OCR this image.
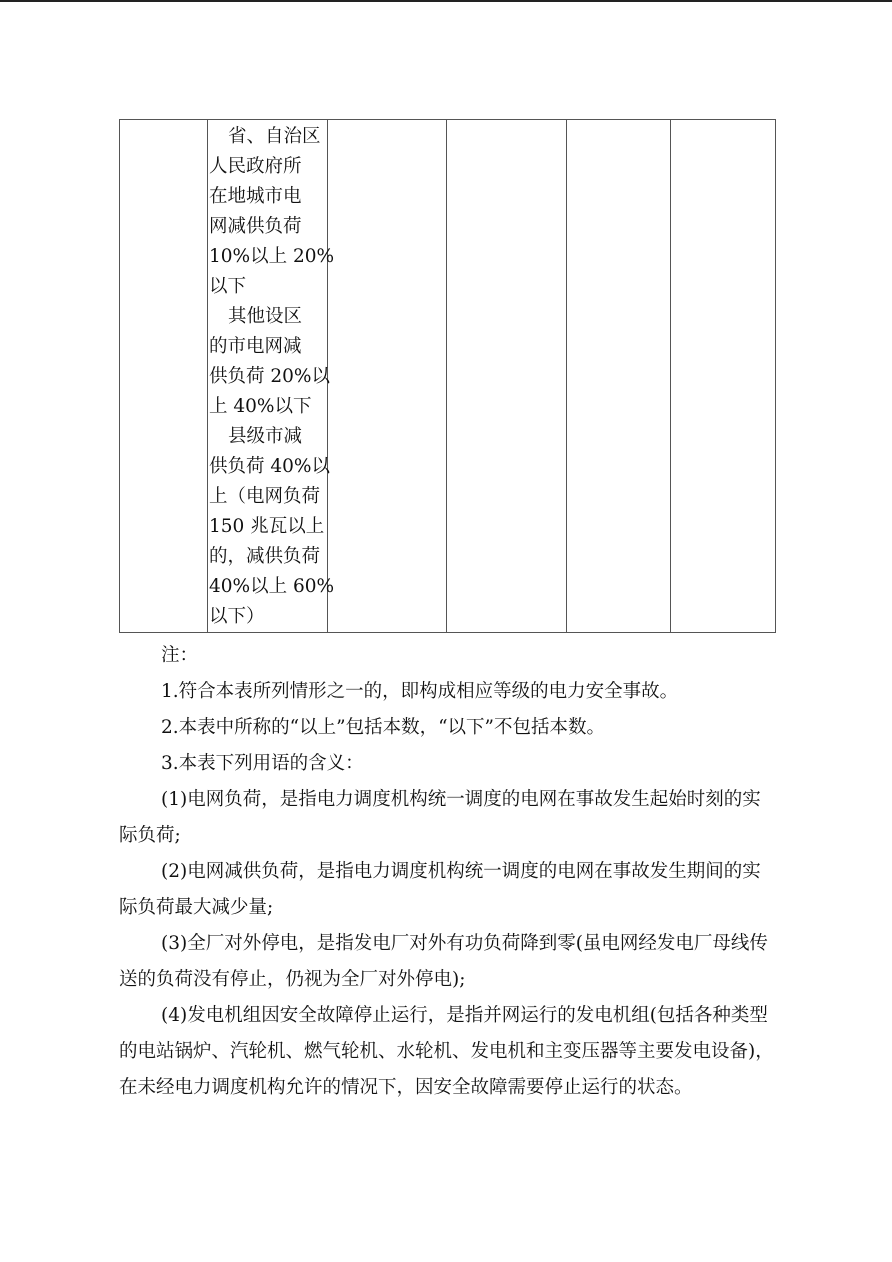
省、自治区
人民政府所
在地城市电
网减供负荷
10%以上 20%
以下
其他设区
的市电网减
供负荷 20%以
上 40%以下
县级市减
供负荷 40%以
上（电网负荷
150 兆瓦以上
的，减供负荷
40%以上 60%
以下）

注：

1.符合本表所列情形之一的，即构成相应等级的电力安全事故。

2.本表中所称的“以上”包括本数，“以下”不包括本数。

3.本表下列用语的含义：

(1)电网负荷，是指电力调度机构统一调度的电网在事故发生起始时刻的实际负荷;

(2)电网减供负荷，是指电力调度机构统一调度的电网在事故发生期间的实际负荷最大减少量;

(3)全厂对外停电，是指发电厂对外有功负荷降到零(虽电网经发电厂母线传送的负荷没有停止，仍视为全厂对外停电);

(4)发电机组因安全故障停止运行，是指并网运行的发电机组(包括各种类型的电站锅炉、汽轮机、燃气轮机、水轮机、发电机和主变压器等主要发电设备)，在未经电力调度机构允许的情况下，因安全故障需要停止运行的状态。
